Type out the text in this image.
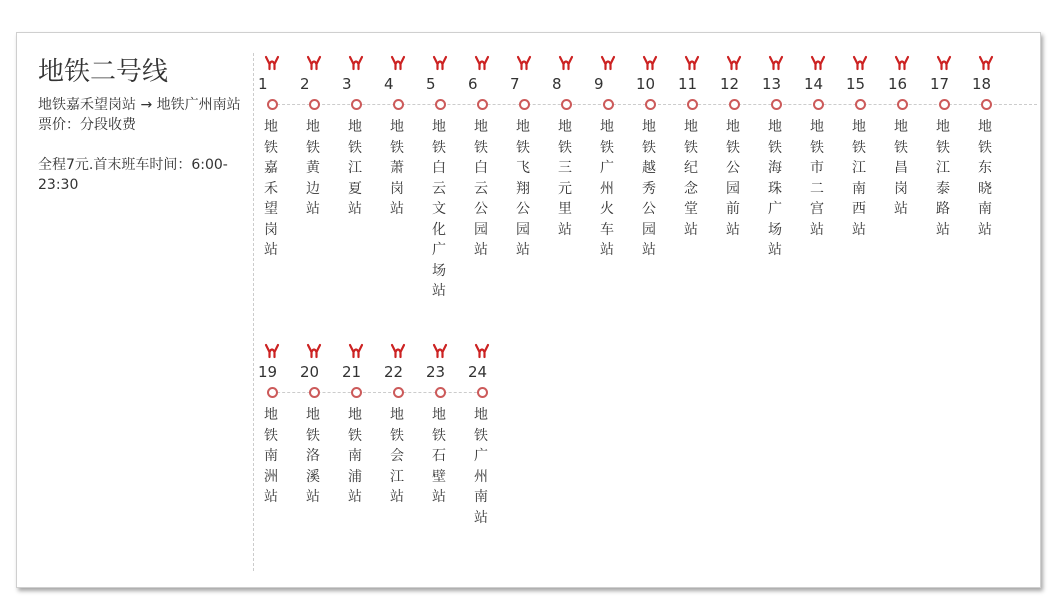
地铁二号线
地铁嘉禾望岗站 → 地铁广州南站
票价：分段收费
全程7元.首末班车时间：6:00-23:30
1
地铁嘉禾望岗站
2
地铁黄边站
3
地铁江夏站
4
地铁萧岗站
5
地铁白云文化广场站
6
地铁白云公园站
7
地铁飞翔公园站
8
地铁三元里站
9
地铁广州火车站
10
地铁越秀公园站
11
地铁纪念堂站
12
地铁公园前站
13
地铁海珠广场站
14
地铁市二宫站
15
地铁江南西站
16
地铁昌岗站
17
地铁江泰路站
18
地铁东晓南站
19
地铁南洲站
20
地铁洛溪站
21
地铁南浦站
22
地铁会江站
23
地铁石壁站
24
地铁广州南站
